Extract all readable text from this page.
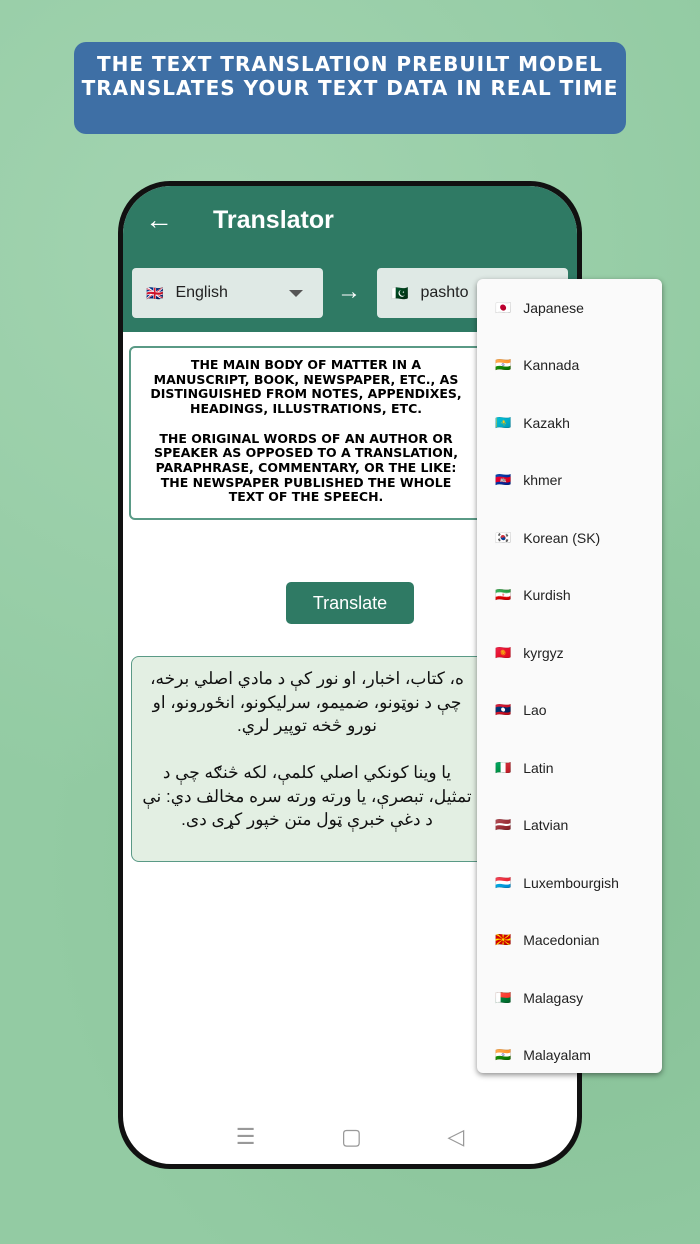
THE TEXT TRANSLATION PREBUILT MODEL TRANSLATES YOUR TEXT DATA IN REAL TIME
← Translator
🇬🇧 English	→ 🇵🇰 pashto
THE MAIN BODY OF MATTER IN A MANUSCRIPT, BOOK, NEWSPAPER, ETC., AS DISTINGUISHED FROM NOTES, APPENDIXES, HEADINGS, ILLUSTRATIONS, ETC.

THE ORIGINAL WORDS OF AN AUTHOR OR SPEAKER AS OPPOSED TO A TRANSLATION, PARAPHRASE, COMMENTARY, OR THE LIKE:
THE NEWSPAPER PUBLISHED THE WHOLE TEXT OF THE SPEECH.
Translate
ه، کتاب، اخبار، او نور کې د مادي اصلي برخه، چې د نوټونو، ضمیمو، سرلیکونو، انځورونو، او نورو څخه توپیر لري.

یا وینا کونکي اصلي کلمې، لکه څنګه چې د تمثیل، تبصرې، یا ورته ورته سره مخالف دي: نې د دغې خبرې ټول متن خپور کړی دی.
☰	▢	◁
🇯🇵 Japanese
🇮🇳 Kannada
🇰🇿 Kazakh
🇰🇭 khmer
🇰🇷 Korean (SK)
🇮🇷 Kurdish
🇰🇬 kyrgyz
🇱🇦 Lao
🇮🇹 Latin
🇱🇻 Latvian
🇱🇺 Luxembourgish
🇲🇰 Macedonian
🇲🇬 Malagasy
🇮🇳 Malayalam
